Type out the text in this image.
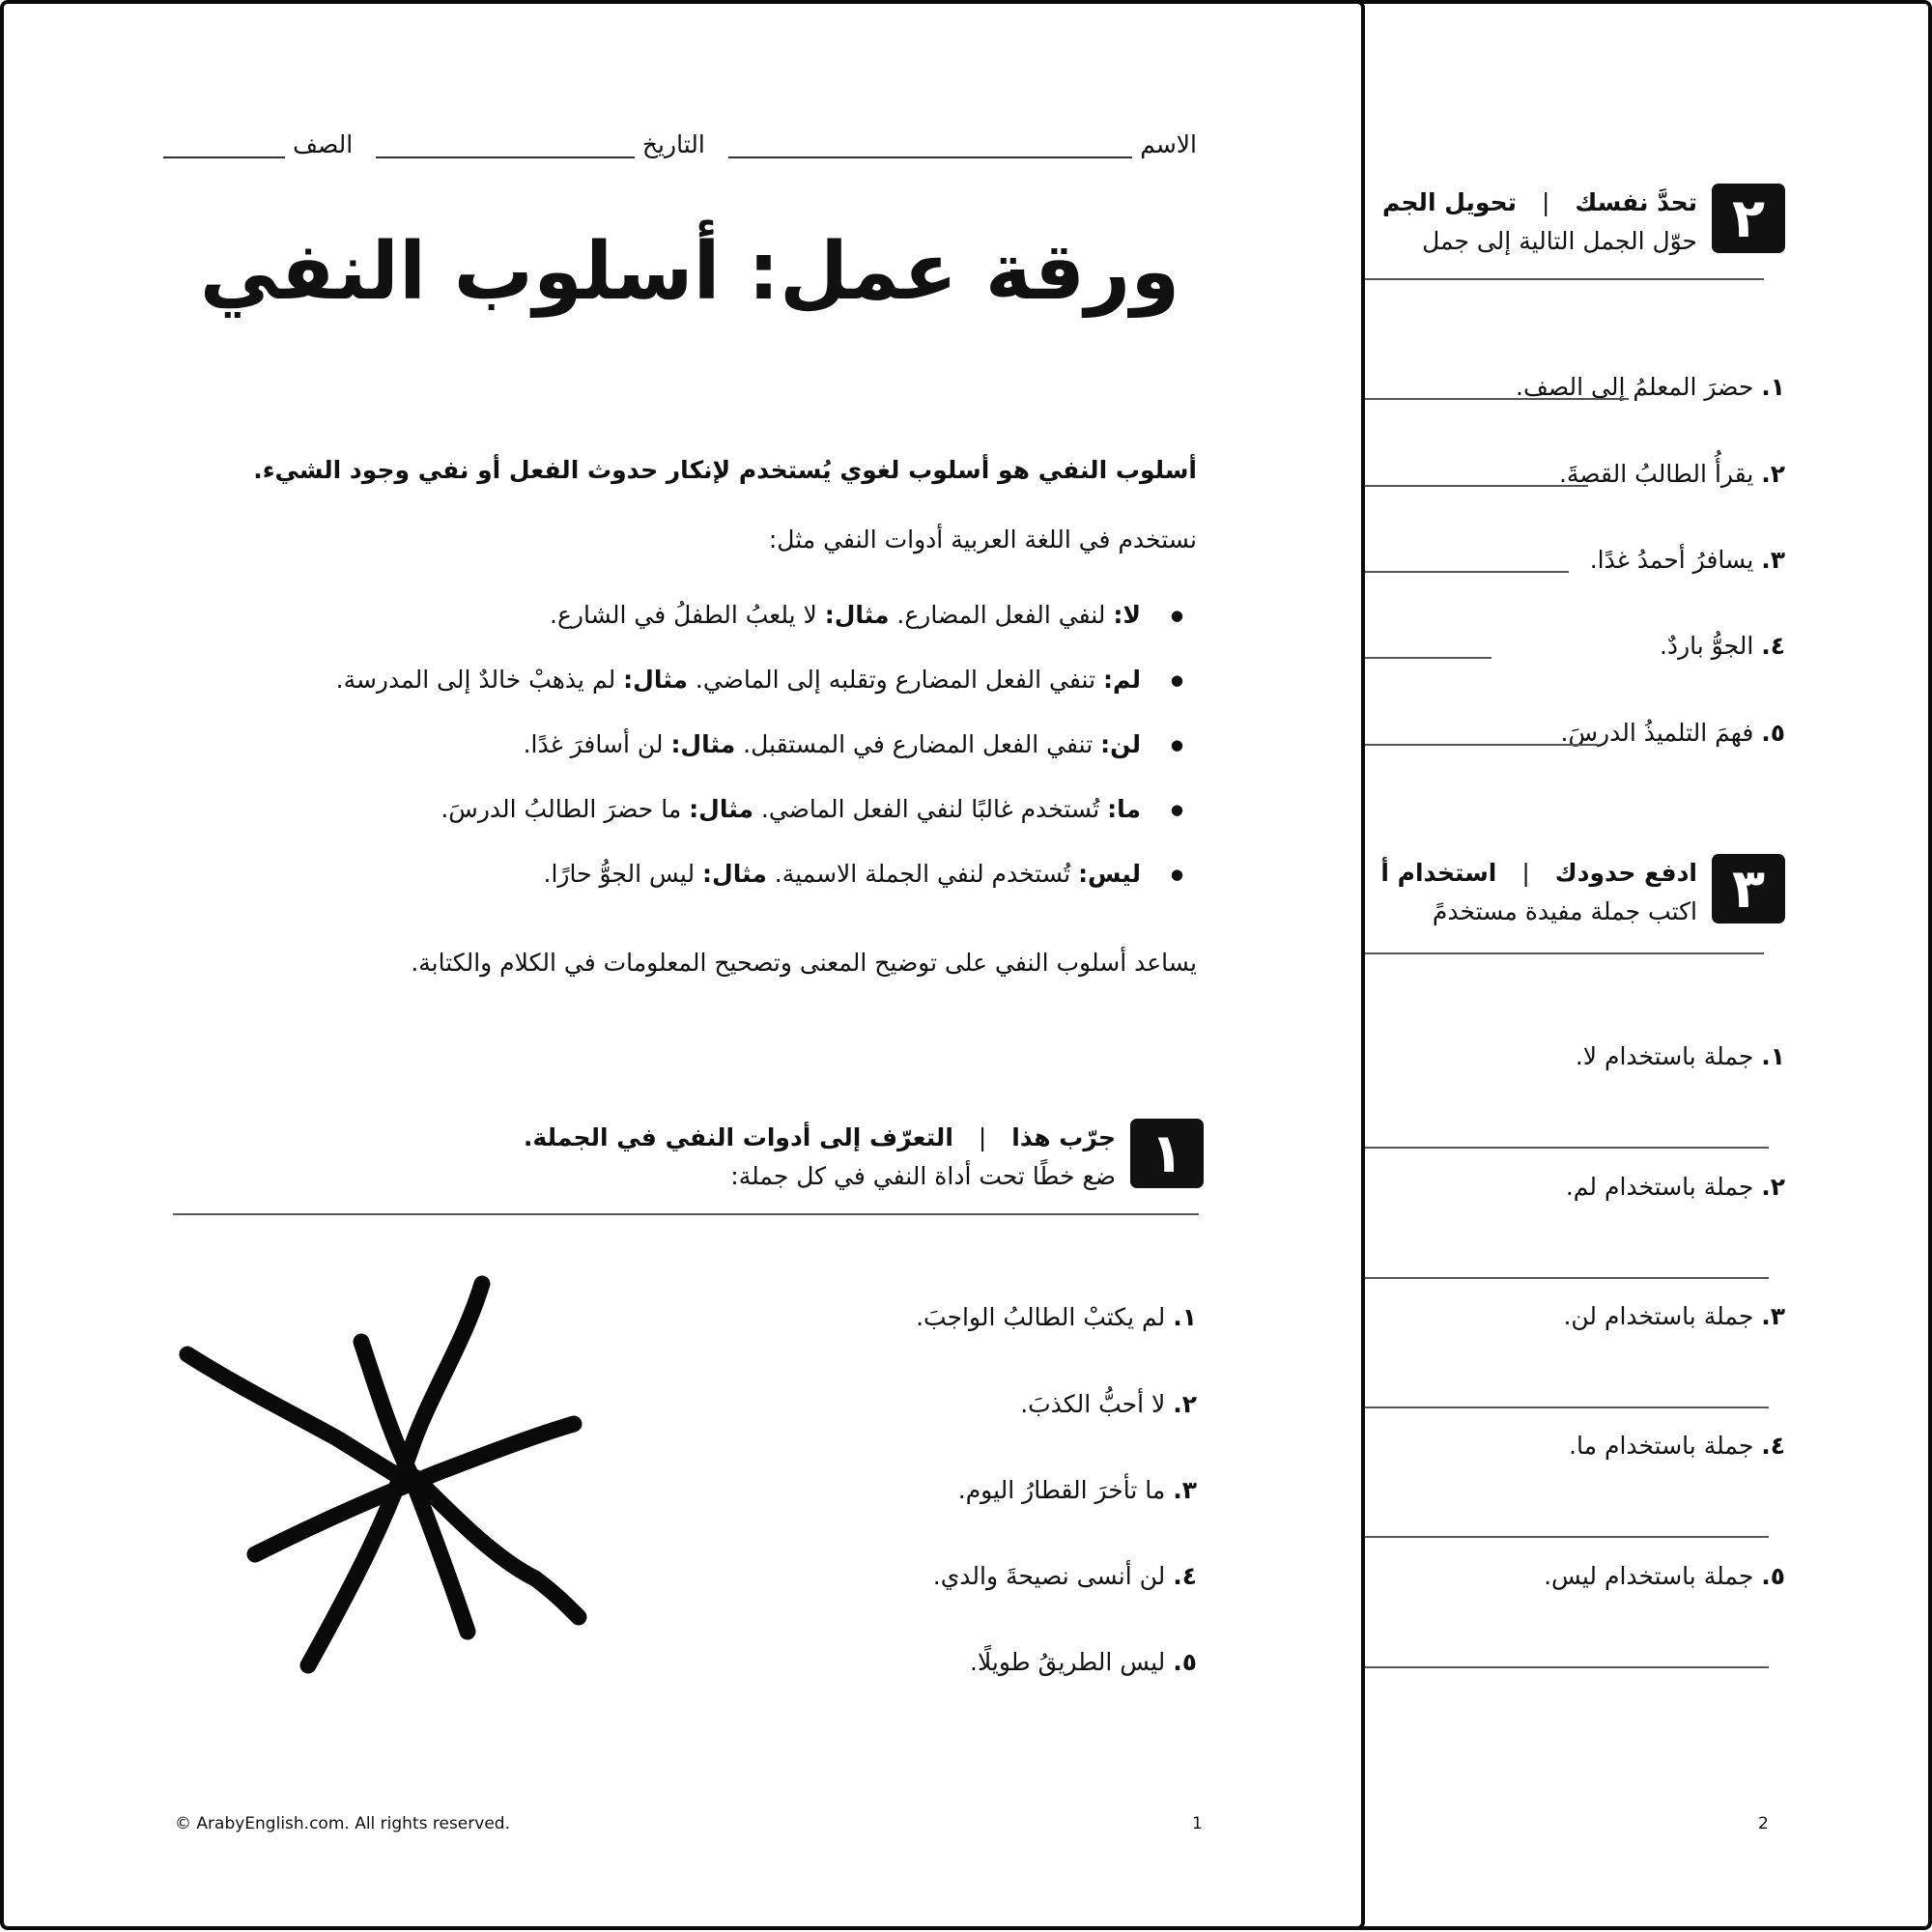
٢
تحدَّ نفسك | تحويل الجم
حوّل الجمل التالية إلى جمل
١. حضرَ المعلمُ إلى الصف.
٢. يقرأُ الطالبُ القصةَ.
٣. يسافرُ أحمدُ غدًا.
٤. الجوُّ باردٌ.
٥. فهمَ التلميذُ الدرسَ.
٣
ادفع حدودك | استخدام أ
اكتب جملة مفيدة مستخدمً
١. جملة باستخدام لا.
٢. جملة باستخدام لم.
٣. جملة باستخدام لن.
٤. جملة باستخدام ما.
٥. جملة باستخدام ليس.
2
الاسم
التاريخ
الصف
ورقة عمل: أسلوب النفي
أسلوب النفي هو أسلوب لغوي يُستخدم لإنكار حدوث الفعل أو نفي وجود الشيء.
نستخدم في اللغة العربية أدوات النفي مثل:
● لا: لنفي الفعل المضارع. مثال: لا يلعبُ الطفلُ في الشارع.
● لم: تنفي الفعل المضارع وتقلبه إلى الماضي. مثال: لم يذهبْ خالدٌ إلى المدرسة.
● لن: تنفي الفعل المضارع في المستقبل. مثال: لن أسافرَ غدًا.
● ما: تُستخدم غالبًا لنفي الفعل الماضي. مثال: ما حضرَ الطالبُ الدرسَ.
● ليس: تُستخدم لنفي الجملة الاسمية. مثال: ليس الجوُّ حارًا.
يساعد أسلوب النفي على توضيح المعنى وتصحيح المعلومات في الكلام والكتابة.
١
جرّب هذا | التعرّف إلى أدوات النفي في الجملة.
ضع خطًا تحت أداة النفي في كل جملة:
١. لم يكتبْ الطالبُ الواجبَ.
٢. لا أحبُّ الكذبَ.
٣. ما تأخرَ القطارُ اليوم.
٤. لن أنسى نصيحةَ والدي.
٥. ليس الطريقُ طويلًا.
© ArabyEnglish.com. All rights reserved.	1
